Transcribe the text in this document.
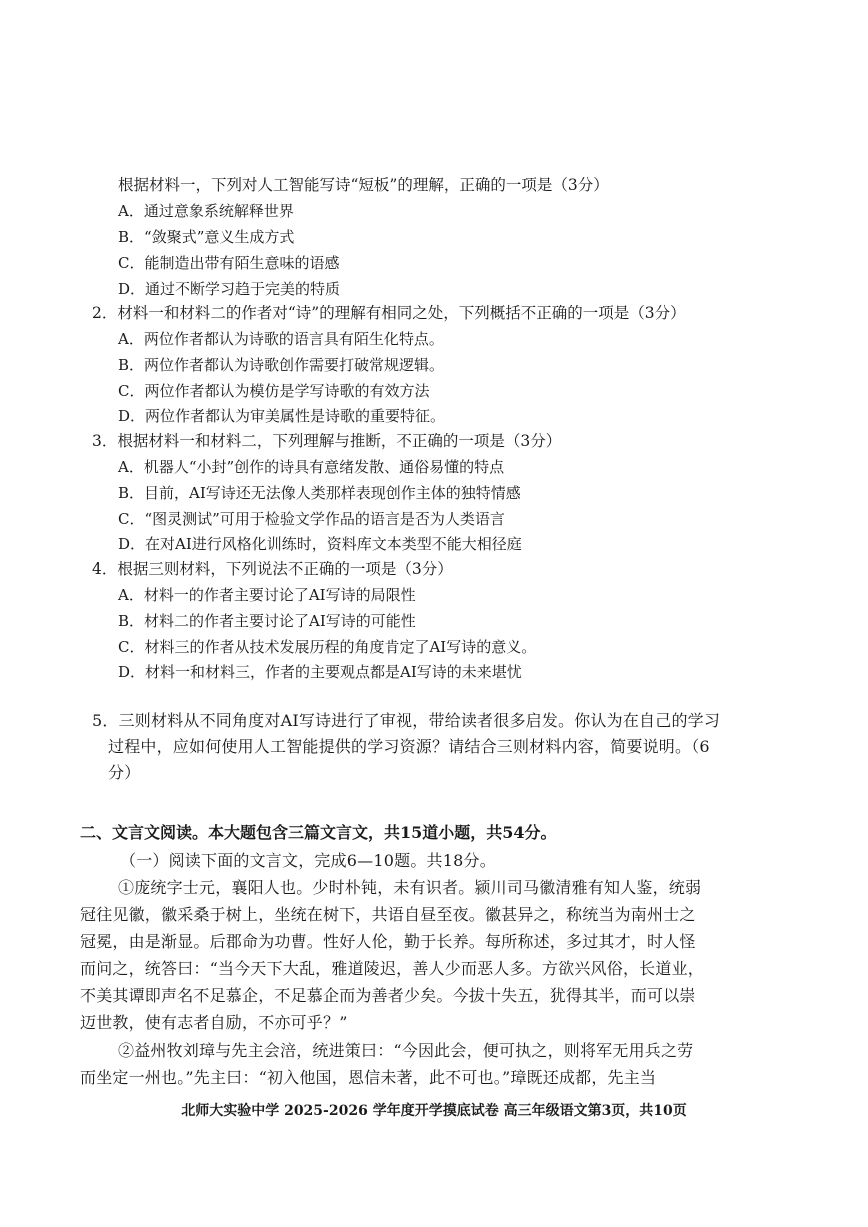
根据材料一，下列对人工智能写诗“短板”的理解，正确的一项是（3分）
A．通过意象系统解释世界
B．“敛聚式”意义生成方式
C．能制造出带有陌生意味的语感
D．通过不断学习趋于完美的特质
2．材料一和材料二的作者对“诗”的理解有相同之处，下列概括不正确的一项是（3分）
A．两位作者都认为诗歌的语言具有陌生化特点。
B．两位作者都认为诗歌创作需要打破常规逻辑。
C．两位作者都认为模仿是学写诗歌的有效方法
D．两位作者都认为审美属性是诗歌的重要特征。
3．根据材料一和材料二，下列理解与推断，不正确的一项是（3分）
A．机器人“小封”创作的诗具有意绪发散、通俗易懂的特点
B．目前，AI写诗还无法像人类那样表现创作主体的独特情感
C．“图灵测试”可用于检验文学作品的语言是否为人类语言
D．在对AI进行风格化训练时，资料库文本类型不能大相径庭
4．根据三则材料，下列说法不正确的一项是（3分）
A．材料一的作者主要讨论了AI写诗的局限性
B．材料二的作者主要讨论了AI写诗的可能性
C．材料三的作者从技术发展历程的角度肯定了AI写诗的意义。
D．材料一和材料三，作者的主要观点都是AI写诗的未来堪忧
5．三则材料从不同角度对AI写诗进行了审视，带给读者很多启发。你认为在自己的学习
过程中，应如何使用人工智能提供的学习资源？请结合三则材料内容，简要说明。（6
分）
二、文言文阅读。本大题包含三篇文言文，共15道小题，共54分。
（一）阅读下面的文言文，完成6—10题。共18分。
①庞统字士元，襄阳人也。少时朴钝，未有识者。颍川司马徽清雅有知人鉴，统弱
冠往见徽，徽采桑于树上，坐统在树下，共语自昼至夜。徽甚异之，称统当为南州士之
冠冕，由是渐显。后郡命为功曹。性好人伦，勤于长养。每所称述，多过其才，时人怪
而问之，统答曰：“当今天下大乱，雅道陵迟，善人少而恶人多。方欲兴风俗，长道业，
不美其谭即声名不足慕企，不足慕企而为善者少矣。今拔十失五，犹得其半，而可以崇
迈世教，使有志者自励，不亦可乎？”
②益州牧刘璋与先主会涪，统进策曰：“今因此会，便可执之，则将军无用兵之劳
而坐定一州也。”先主曰：“初入他国，恩信未著，此不可也。”璋既还成都，先主当
北师大实验中学 2025-2026 学年度开学摸底试卷 高三年级语文第3页，共10页
